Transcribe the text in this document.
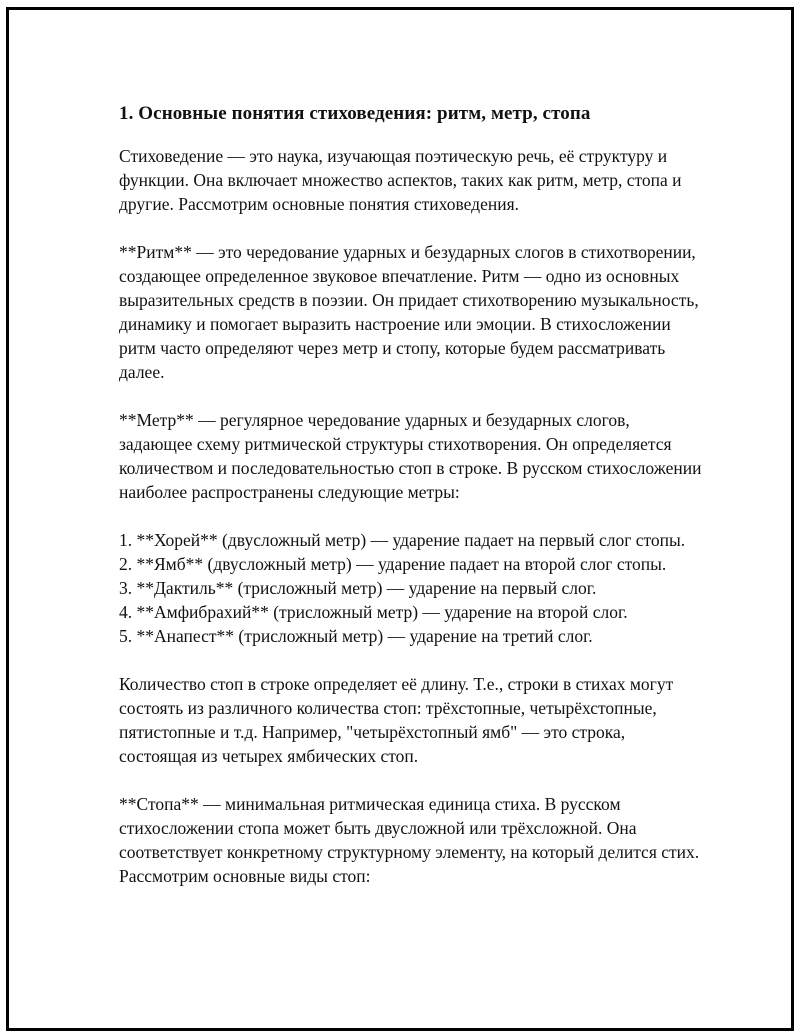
1. Основные понятия стиховедения: ритм, метр, стопа

Стиховедение — это наука, изучающая поэтическую речь, её структуру и функции. Она включает множество аспектов, таких как ритм, метр, стопа и другие. Рассмотрим основные понятия стиховедения.

**Ритм** — это чередование ударных и безударных слогов в стихотворении, создающее определенное звуковое впечатление. Ритм — одно из основных выразительных средств в поэзии. Он придает стихотворению музыкальность, динамику и помогает выразить настроение или эмоции. В стихосложении ритм часто определяют через метр и стопу, которые будем рассматривать далее.

**Метр** — регулярное чередование ударных и безударных слогов, задающее схему ритмической структуры стихотворения. Он определяется количеством и последовательностью стоп в строке. В русском стихосложении наиболее распространены следующие метры:

1. **Хорей** (двусложный метр) — ударение падает на первый слог стопы.
2. **Ямб** (двусложный метр) — ударение падает на второй слог стопы.
3. **Дактиль** (трисложный метр) — ударение на первый слог.
4. **Амфибрахий** (трисложный метр) — ударение на второй слог.
5. **Анапест** (трисложный метр) — ударение на третий слог.

Количество стоп в строке определяет её длину. Т.е., строки в стихах могут состоять из различного количества стоп: трёхстопные, четырёхстопные, пятистопные и т.д. Например, "четырёхстопный ямб" — это строка, состоящая из четырех ямбических стоп.

**Стопа** — минимальная ритмическая единица стиха. В русском стихосложении стопа может быть двусложной или трёхсложной. Она соответствует конкретному структурному элементу, на который делится стих. Рассмотрим основные виды стоп:
